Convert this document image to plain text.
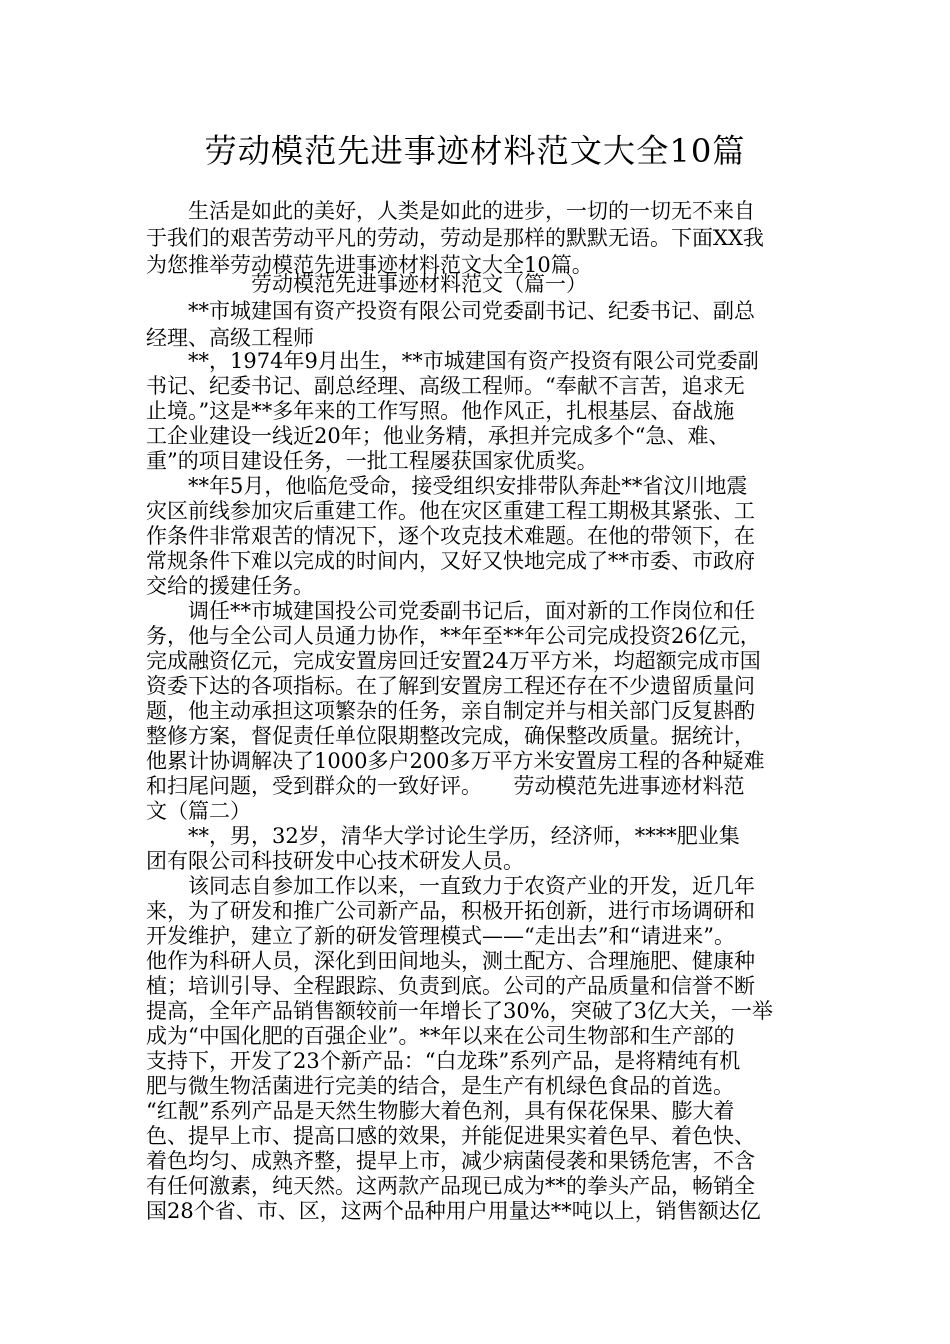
劳动模范先进事迹材料范文大全10篇
　　生活是如此的美好，人类是如此的进步，一切的一切无不来自
于我们的艰苦劳动平凡的劳动，劳动是那样的默默无语。下面XX我
为您推举劳动模范先进事迹材料范文大全10篇。
　　　　　劳动模范先进事迹材料范文（篇一）
　　**市城建国有资产投资有限公司党委副书记、纪委书记、副总
经理、高级工程师
　　**，1974年9月出生，**市城建国有资产投资有限公司党委副
书记、纪委书记、副总经理、高级工程师。“奉献不言苦，追求无
止境。”这是**多年来的工作写照。他作风正，扎根基层、奋战施
工企业建设一线近20年；他业务精，承担并完成多个“急、难、
重”的项目建设任务，一批工程屡获国家优质奖。
　　**年5月，他临危受命，接受组织安排带队奔赴**省汶川地震
灾区前线参加灾后重建工作。他在灾区重建工程工期极其紧张、工
作条件非常艰苦的情况下，逐个攻克技术难题。在他的带领下，在
常规条件下难以完成的时间内，又好又快地完成了**市委、市政府
交给的援建任务。
　　调任**市城建国投公司党委副书记后，面对新的工作岗位和任
务，他与全公司人员通力协作，**年至**年公司完成投资26亿元，
完成融资亿元，完成安置房回迁安置24万平方米，均超额完成市国
资委下达的各项指标。在了解到安置房工程还存在不少遗留质量问
题，他主动承担这项繁杂的任务，亲自制定并与相关部门反复斟酌
整修方案，督促责任单位限期整改完成，确保整改质量。据统计，
他累计协调解决了1000多户200多万平方米安置房工程的各种疑难
和扫尾问题，受到群众的一致好评。　　劳动模范先进事迹材料范
文（篇二）
　　**，男，32岁，清华大学讨论生学历，经济师，****肥业集
团有限公司科技研发中心技术研发人员。
　　该同志自参加工作以来，一直致力于农资产业的开发，近几年
来，为了研发和推广公司新产品，积极开拓创新，进行市场调研和
开发维护，建立了新的研发管理模式——“走出去”和“请进来”。
他作为科研人员，深化到田间地头，测土配方、合理施肥、健康种
植；培训引导、全程跟踪、负责到底。公司的产品质量和信誉不断
提高，全年产品销售额较前一年增长了30%，突破了3亿大关，一举
成为“中国化肥的百强企业”。**年以来在公司生物部和生产部的
支持下，开发了23个新产品：“白龙珠”系列产品，是将精纯有机
肥与微生物活菌进行完美的结合，是生产有机绿色食品的首选。
“红靓”系列产品是天然生物膨大着色剂，具有保花保果、膨大着
色、提早上市、提高口感的效果，并能促进果实着色早、着色快、
着色均匀、成熟齐整，提早上市，减少病菌侵袭和果锈危害，不含
有任何激素，纯天然。这两款产品现已成为**的拳头产品，畅销全
国28个省、市、区，这两个品种用户用量达**吨以上，销售额达亿
